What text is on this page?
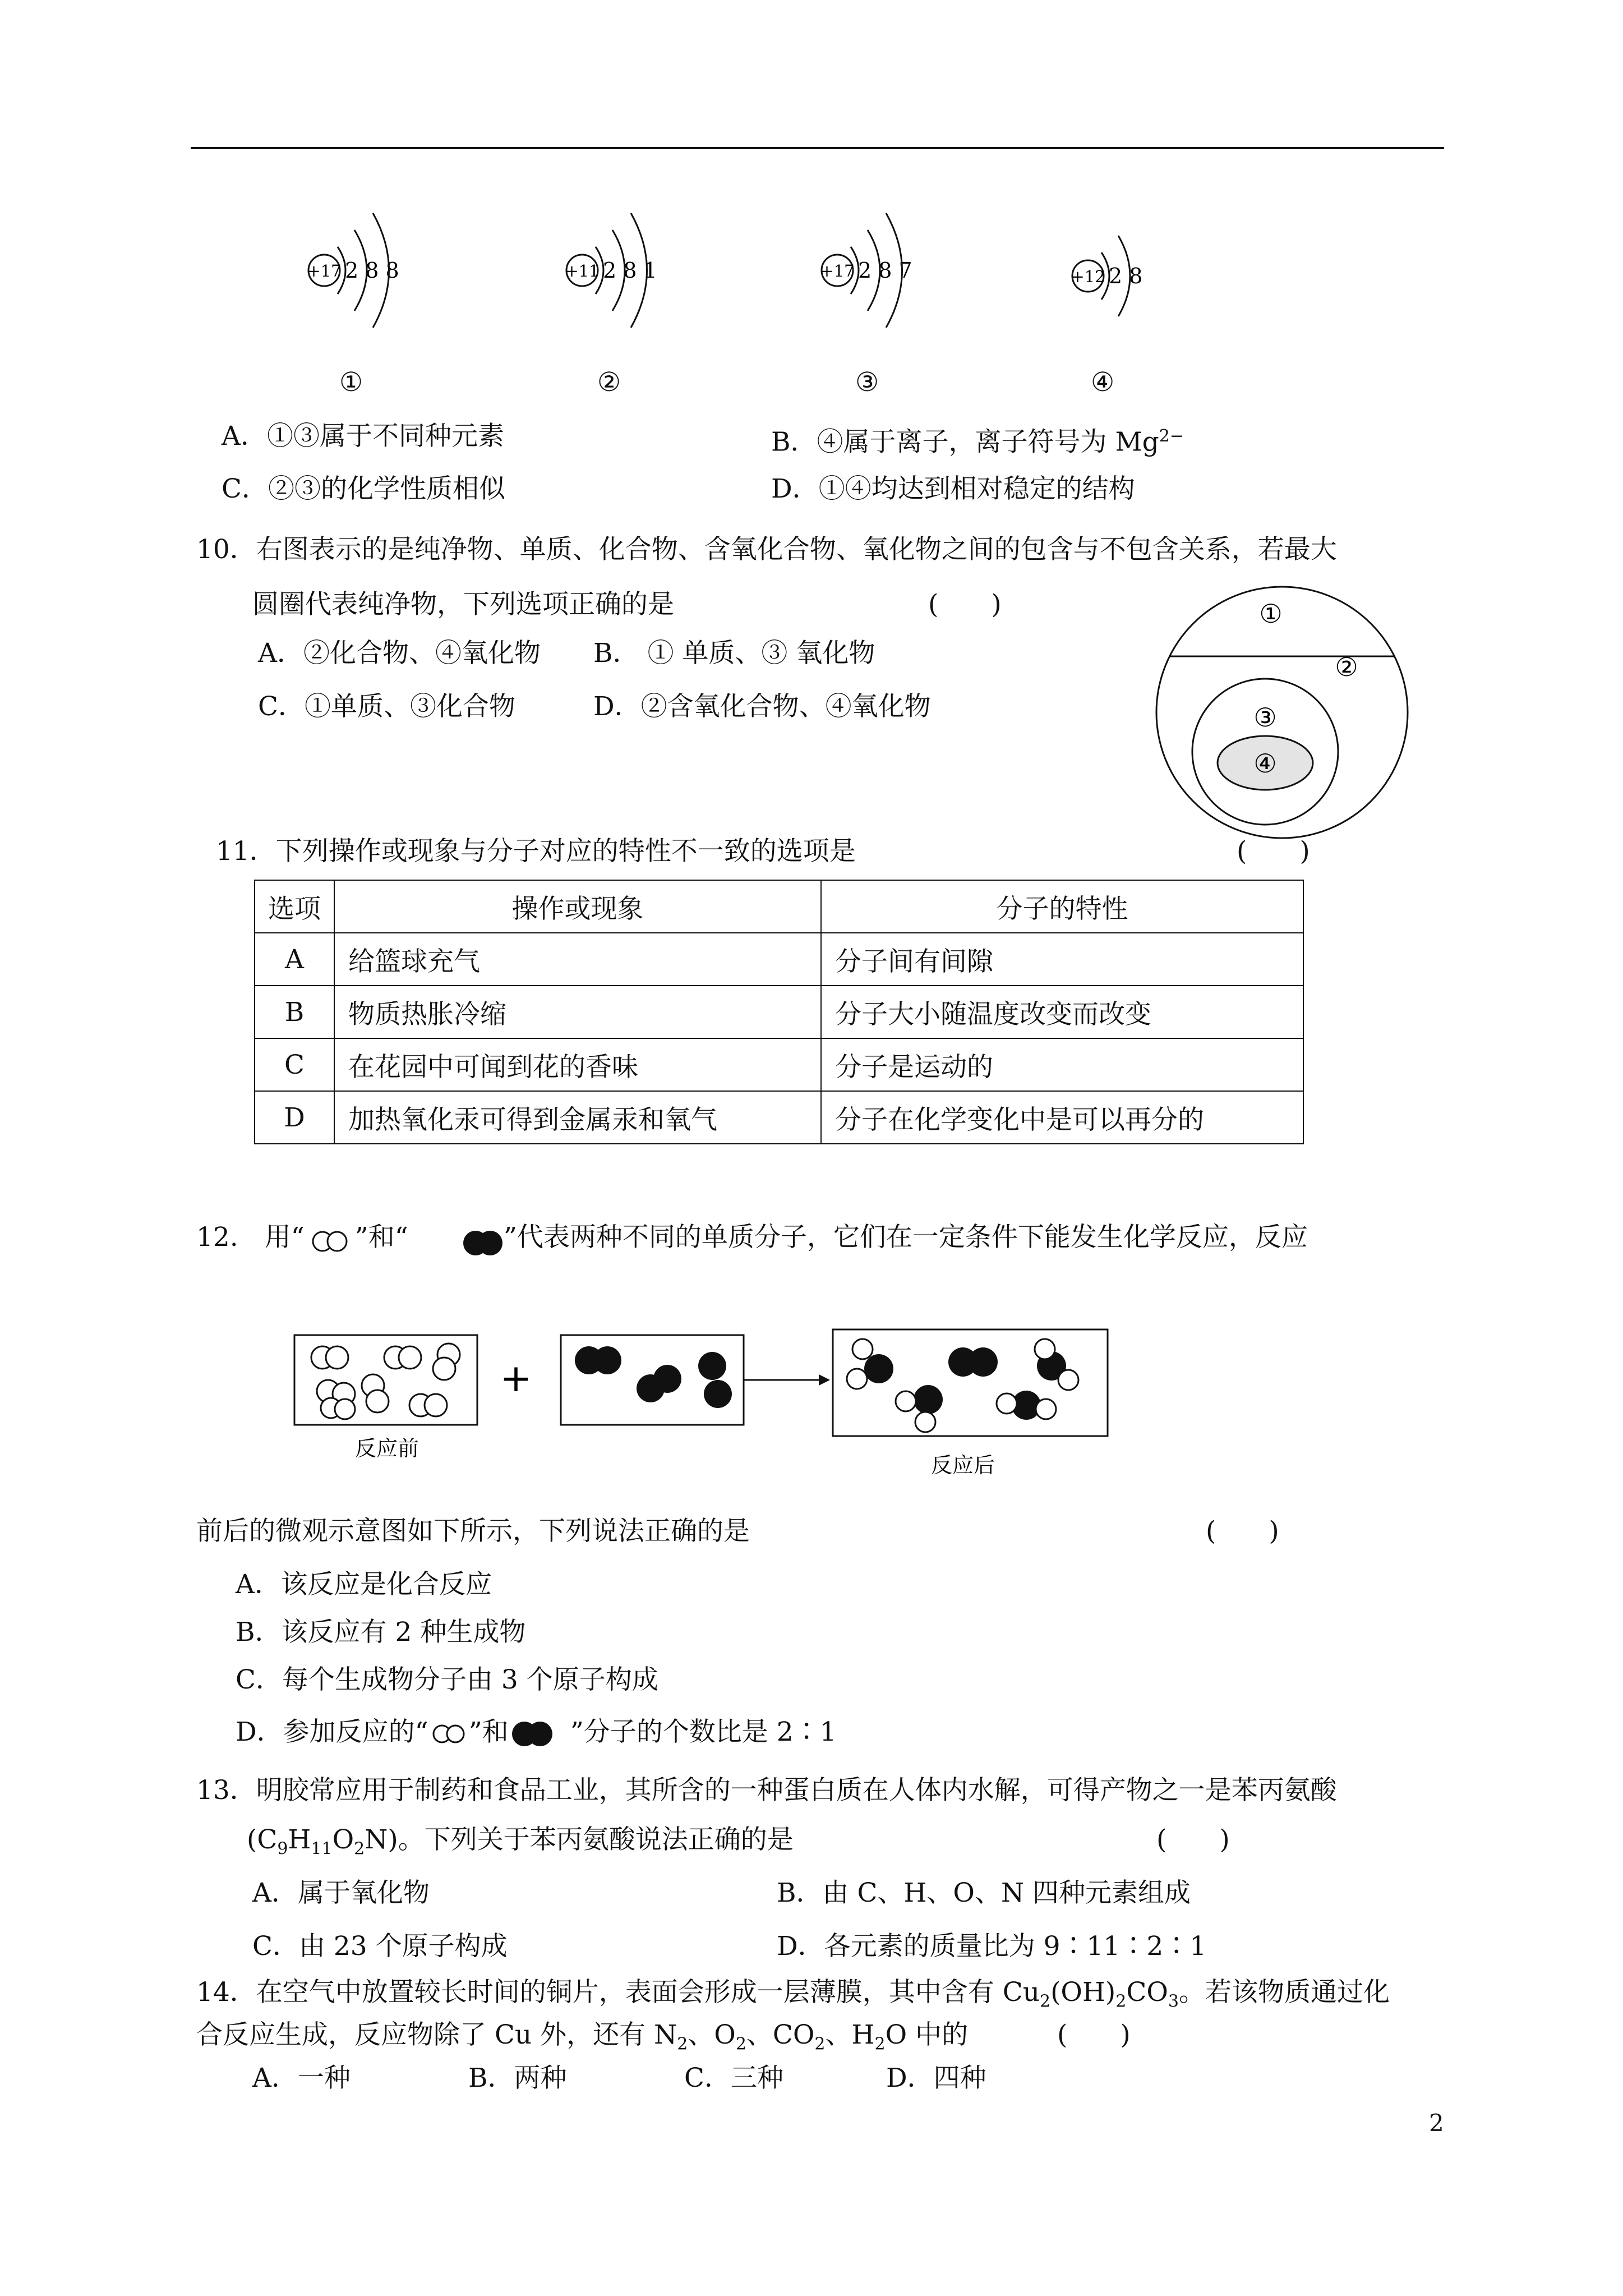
+17 2 8 8	+11 2 8 1	+17 2 8 7	+12 2 8
①	②	③	④
A．①③属于不同种元素	B．④属于离子，离子符号为 $Mg^{2-}$
C．②③的化学性质相似	D．①④均达到相对稳定的结构
10．右图表示的是纯净物、单质、化合物、含氧化合物、氧化物之间的包含与不包含关系，若最大
圆圈代表纯净物，下列选项正确的是	(　　)
A．②化合物、④氧化物 B． ① 单质、③ 氧化物
C．①单质、③化合物	D．②含氧化合物、④氧化物
①
②
③
④
11．下列操作或现象与分子对应的特性不一致的选项是	(　　)
选项	操作或现象	分子的特性
A	给篮球充气	分子间有间隙
B	物质热胀冷缩	分子大小随温度改变而改变
C	在花园中可闻到花的香味	分子是运动的
D	加热氧化汞可得到金属汞和氧气	分子在化学变化中是可以再分的
12.　用“ ”和“	”代表两种不同的单质分子，它们在一定条件下能发生化学反应，反应
+
反应前
反应后
前后的微观示意图如下所示，下列说法正确的是	(　　)
A．该反应是化合反应
B．该反应有 2 种生成物
C．每个生成物分子由 3 个原子构成
D．参加反应的“ ”和 ”分子的个数比是 2∶1
13．明胶常应用于制药和食品工业，其所含的一种蛋白质在人体内水解，可得产物之一是苯丙氨酸
$(C_9H_{11}O_2N)$。下列关于苯丙氨酸说法正确的是	(　　)
A．属于氧化物	B．由 C、H、O、N 四种元素组成
C．由 23 个原子构成	D．各元素的质量比为 9∶11∶2∶1
14．在空气中放置较长时间的铜片，表面会形成一层薄膜，其中含有 $Cu_2(OH)_2CO_3$。若该物质通过化
合反应生成，反应物除了 Cu 外，还有 $N_2$、$O_2$、$CO_2$、$H_2O$ 中的	(　　)
A．一种	B．两种	C．三种	D．四种
2
